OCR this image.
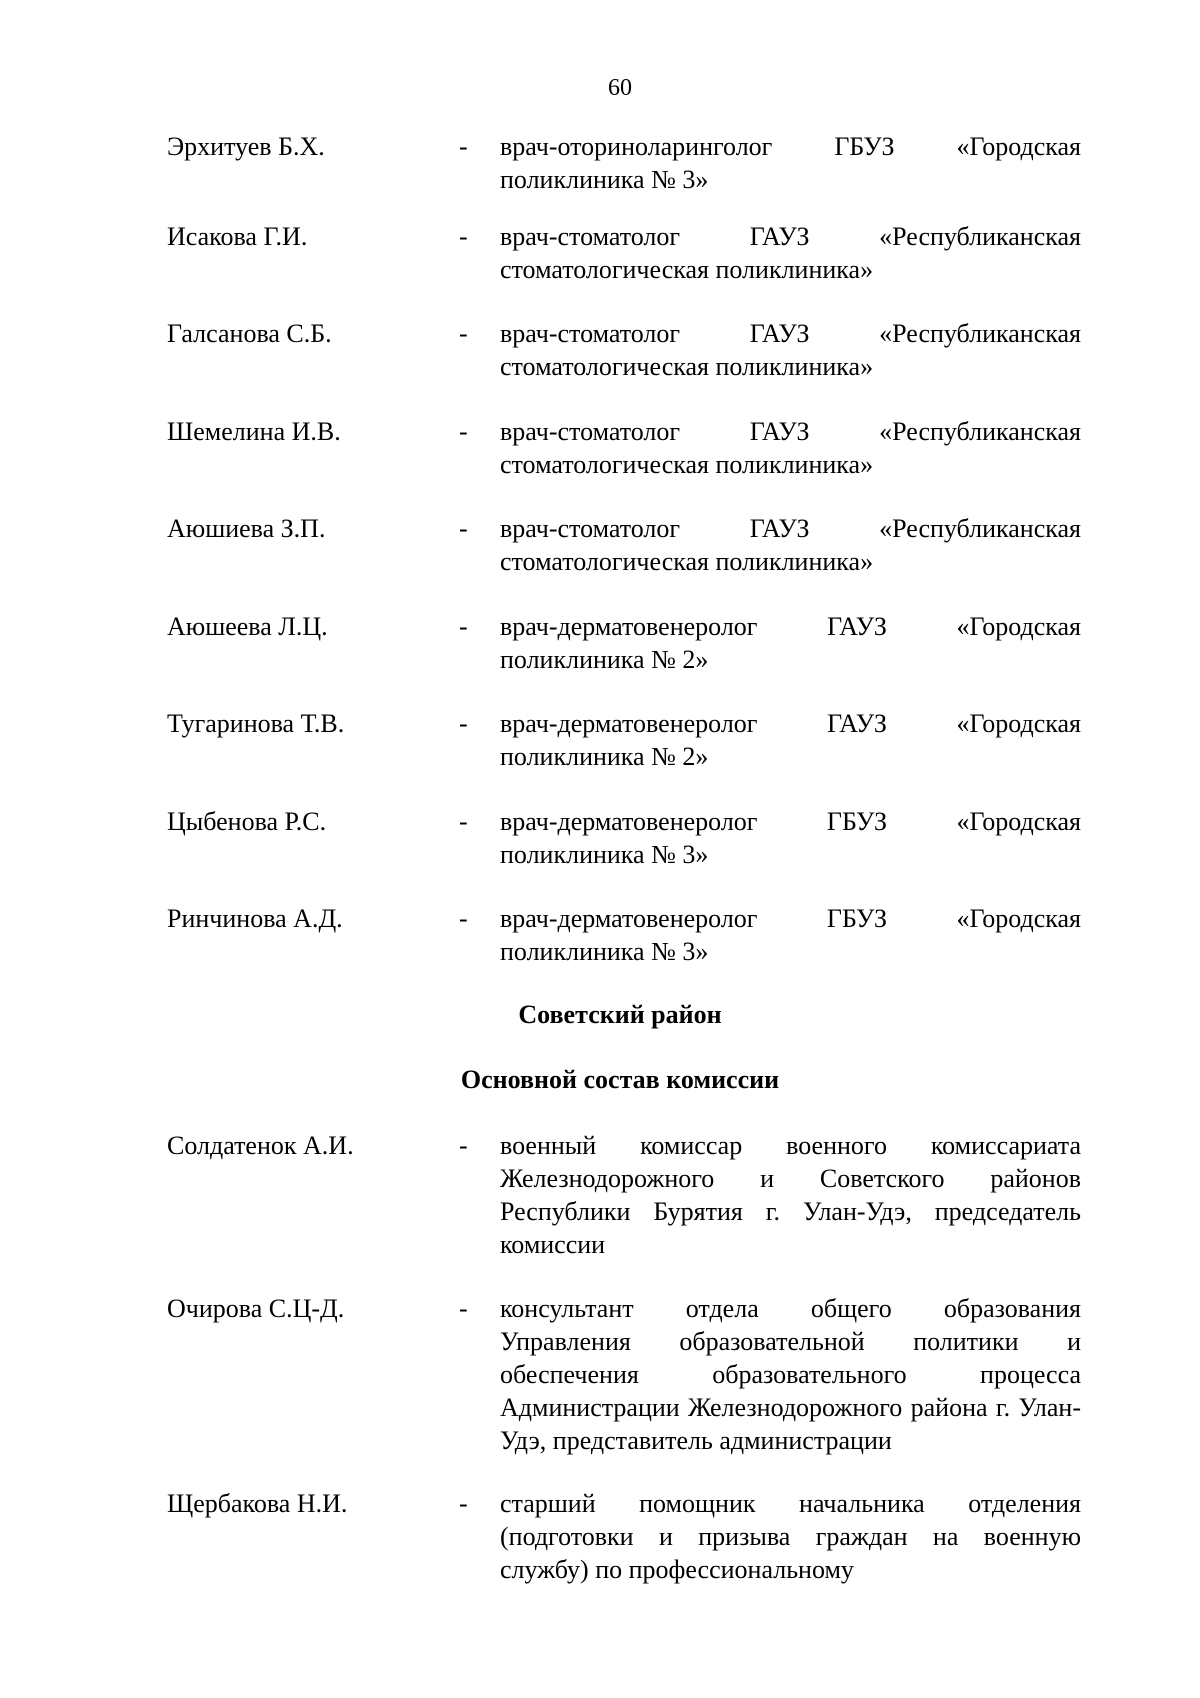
60
Эрхитуев Б.Х.	- врач-оториноларинголог ГБУЗ «Городская поликлиника № 3»
Исакова Г.И.	- врач-стоматолог ГАУЗ «Республиканская стоматологическая поликлиника»
Галсанова С.Б.	- врач-стоматолог ГАУЗ «Республиканская стоматологическая поликлиника»
Шемелина И.В.	- врач-стоматолог ГАУЗ «Республиканская стоматологическая поликлиника»
Аюшиева З.П.	- врач-стоматолог ГАУЗ «Республиканская стоматологическая поликлиника»
Аюшеева Л.Ц.	- врач-дерматовенеролог ГАУЗ «Городская поликлиника № 2»
Тугаринова Т.В.	- врач-дерматовенеролог ГАУЗ «Городская поликлиника № 2»
Цыбенова Р.С.	- врач-дерматовенеролог ГБУЗ «Городская поликлиника № 3»
Ринчинова А.Д.	- врач-дерматовенеролог ГБУЗ «Городская поликлиника № 3»
Советский район
Основной состав комиссии
Солдатенок А.И.	- военный комиссар военного комиссариата Железнодорожного и Советского районов Республики Бурятия г. Улан-Удэ, председатель комиссии
Очирова С.Ц-Д.	- консультант отдела общего образования Управления образовательной политики и обеспечения образовательного процесса Администрации Железнодорожного района г. Улан-Удэ, представитель администрации
Щербакова Н.И.	- старший помощник начальника отделения (подготовки и призыва граждан на военную службу) по профессиональному
